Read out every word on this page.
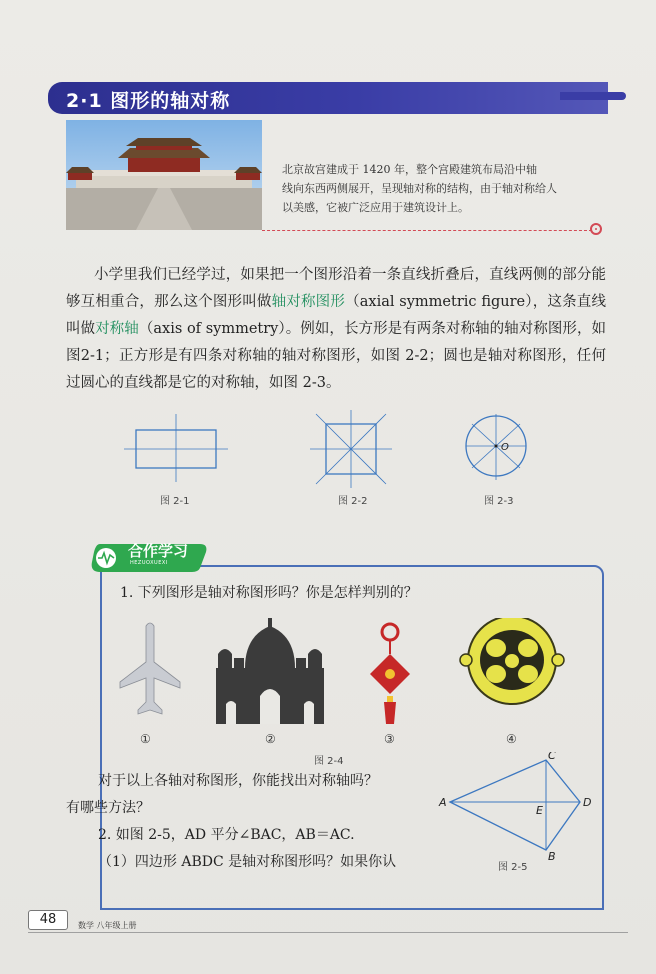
2·1 图形的轴对称
北京故宫建成于 1420 年，整个宫殿建筑布局沿中轴
线向东西两侧展开，呈现轴对称的结构，由于轴对称给人
以美感，它被广泛应用于建筑设计上。

小学里我们已经学过，如果把一个图形沿着一条直线折叠后，直线两侧的部分能够互相重合，那么这个图形叫做轴对称图形（axial symmetric figure），这条直线叫做对称轴（axis of symmetry）。例如，长方形是有两条对称轴的轴对称图形，如图2-1；正方形是有四条对称轴的轴对称图形，如图 2-2；圆也是轴对称图形，任何过圆心的直线都是它的对称轴，如图 2-3。

O
图 2-1	图 2-2	图 2-3
合作学习
HEZUOXUEXI
1. 下列图形是轴对称图形吗？你是怎样判别的？
①	②	③	④
图 2-4
对于以上各轴对称图形，你能找出对称轴吗？
有哪些方法？
2. 如图 2-5，AD 平分∠BAC，AB＝AC.
（1）四边形 ABDC 是轴对称图形吗？如果你认
A
C
D
B
E
图 2-5
48	数学 八年级上册
